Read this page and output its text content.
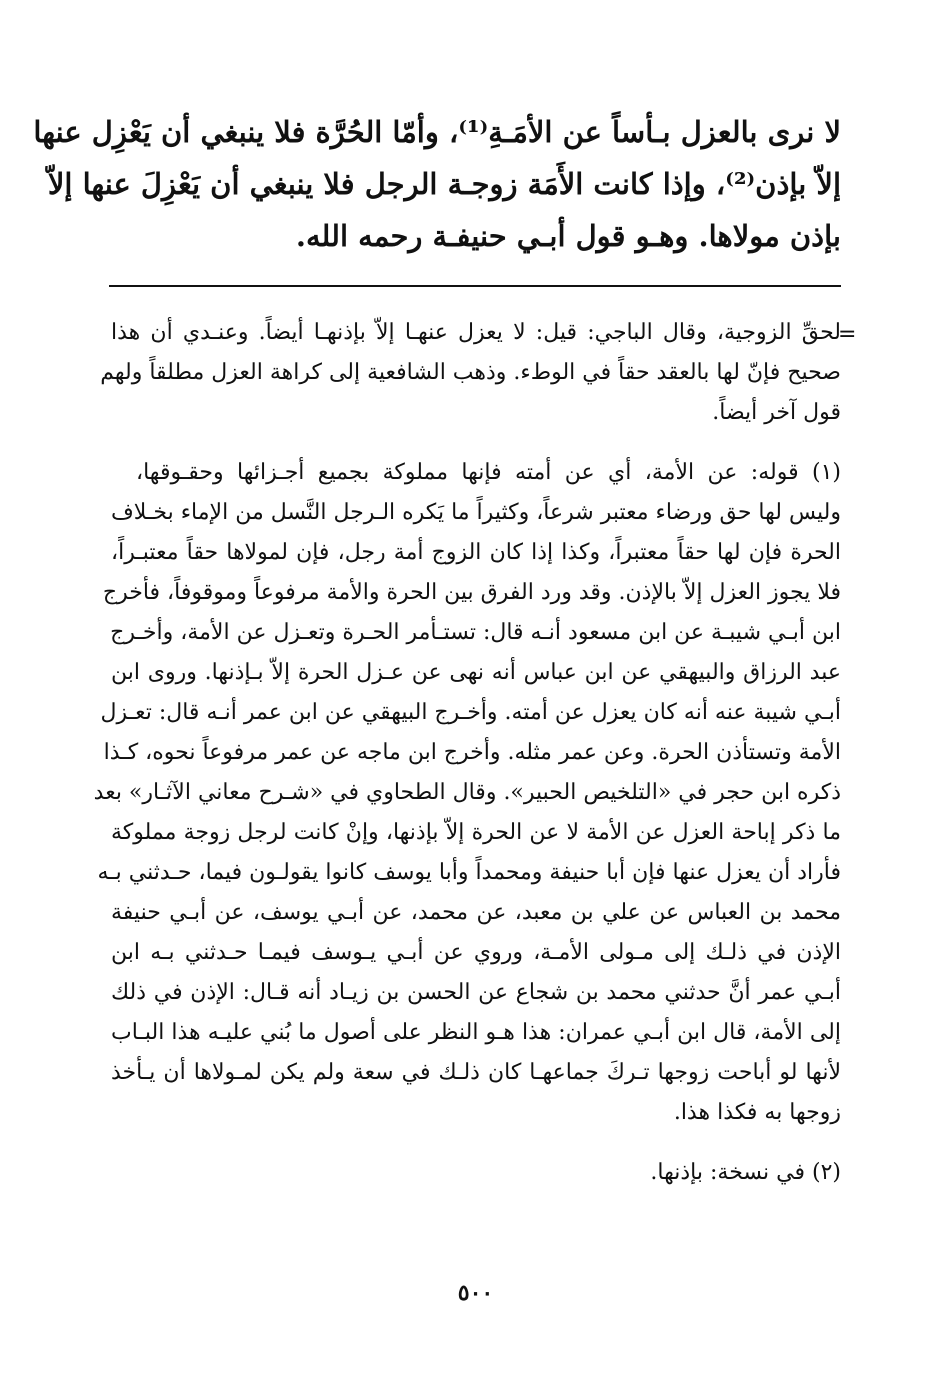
لا نرى بالعزل بـأساً عن الأمَـةِ⁽¹⁾، وأمّا الحُرَّة فلا ينبغي أن يَعْزِل عنها
إلاّ بإذن⁽²⁾، وإذا كانت الأَمَة زوجـة الرجل فلا ينبغي أن يَعْزِلَ عنها إلاّ
بإذن مولاها. وهـو قول أبـي حنيفـة رحمه الله.
=
لحقِّ الزوجية، وقال الباجي: قيل: لا يعزل عنهـا إلاّ بإذنهـا أيضاً. وعنـدي أن هذا
صحيح فإنّ لها بالعقد حقاً في الوطء. وذهب الشافعية إلى كراهة العزل مطلقاً ولهم
قول آخر أيضاً.
(١) قوله: عن الأمة، أي عن أمته فإنها مملوكة بجميع أجـزائها وحقـوقها،
وليس لها حق ورضاء معتبر شرعاً، وكثيراً ما يَكره الـرجل النَّسل من الإماء بخـلاف
الحرة فإن لها حقاً معتبراً، وكذا إذا كان الزوج أمة رجل، فإن لمولاها حقاً معتبـراً،
فلا يجوز العزل إلاّ بالإذن. وقد ورد الفرق بين الحرة والأمة مرفوعاً وموقوفاً، فأخرج
ابن أبـي شيبـة عن ابن مسعود أنـه قال: تستـأمر الحـرة وتعـزل عن الأمة، وأخـرج
عبد الرزاق والبيهقي عن ابن عباس أنه نهى عن عـزل الحرة إلاّ بـإذنها. وروى ابن
أبـي شيبة عنه أنه كان يعزل عن أمته. وأخـرج البيهقي عن ابن عمر أنـه قال: تعـزل
الأمة وتستأذن الحرة. وعن عمر مثله. وأخرج ابن ماجه عن عمر مرفوعاً نحوه، كـذا
ذكره ابن حجر في «التلخيص الحبير». وقال الطحاوي في «شـرح معاني الآثـار» بعد
ما ذكر إباحة العزل عن الأمة لا عن الحرة إلاّ بإذنها، وإنْ كانت لرجل زوجة مملوكة
فأراد أن يعزل عنها فإن أبا حنيفة ومحمداً وأبا يوسف كانوا يقولـون فيما، حـدثني بـه
محمد بن العباس عن علي بن معبد، عن محمد، عن أبـي يوسف، عن أبـي حنيفة
الإذن في ذلـك إلى مـولى الأمـة، وروي عن أبـي يـوسف فيمـا حـدثني بـه ابن
أبـي عمر أنَّ حدثني محمد بن شجاع عن الحسن بن زيـاد أنه قـال: الإذن في ذلك
إلى الأمة، قال ابن أبـي عمران: هذا هـو النظر على أصول ما بُني عليـه هذا البـاب
لأنها لو أباحت زوجها تـركَ جماعهـا كان ذلـك في سعة ولم يكن لمـولاها أن يـأخذ
زوجها به فكذا هذا.
(٢) في نسخة: بإذنها.
٥٠٠
